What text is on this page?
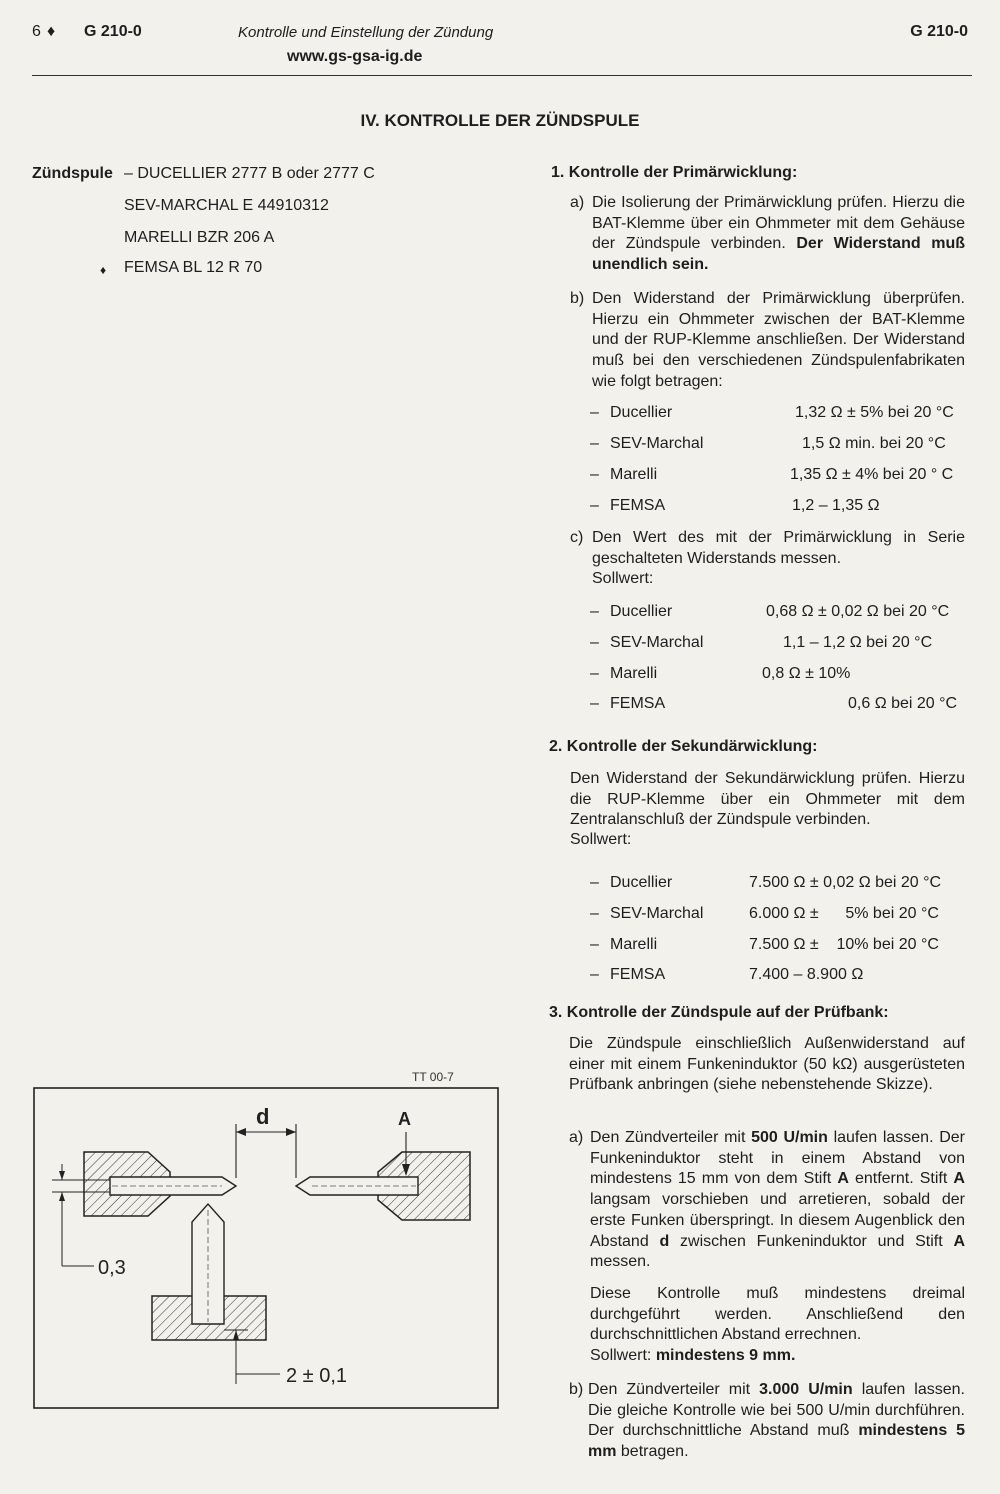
6 ♦ G 210-0	Kontrolle und Einstellung der Zündung	G 210-0
www.gs-gsa-ig.de
IV. KONTROLLE DER ZÜNDSPULE
Zündspule – DUCELLIER 2777 B oder 2777 C
SEV-MARCHAL E 44910312
MARELLI BZR 206 A
♦ FEMSA BL 12 R 70
1. Kontrolle der Primärwicklung:
a) Die Isolierung der Primärwicklung prüfen. Hierzu die BAT-Klemme über ein Ohmmeter mit dem Gehäuse der Zündspule verbinden. Der Widerstand muß unendlich sein.
b) Den Widerstand der Primärwicklung überprüfen. Hierzu ein Ohmmeter zwischen der BAT-Klemme und der RUP-Klemme anschließen. Der Widerstand muß bei den verschiedenen Zündspulenfabrikaten wie folgt betragen:
– Ducellier	1,32 Ω ± 5% bei 20 °C
– SEV-Marchal	1,5 Ω min. bei 20 °C
– Marelli	1,35 Ω ± 4% bei 20 ° C
– FEMSA	1,2 – 1,35 Ω
c) Den Wert des mit der Primärwicklung in Serie geschalteten Widerstands messen.
Sollwert:
– Ducellier	0,68 Ω ± 0,02 Ω bei 20 °C
– SEV-Marchal	1,1 – 1,2 Ω bei 20 °C
– Marelli	0,8 Ω ± 10%
– FEMSA	0,6 Ω bei 20 °C
2. Kontrolle der Sekundärwicklung:
Den Widerstand der Sekundärwicklung prüfen. Hierzu die RUP-Klemme über ein Ohmmeter mit dem Zentralanschluß der Zündspule verbinden.
Sollwert:
– Ducellier	7.500 Ω ± 0,02 Ω bei 20 °C
– SEV-Marchal	6.000 Ω ±      5% bei 20 °C
– Marelli	7.500 Ω ±    10% bei 20 °C
– FEMSA	7.400 – 8.900 Ω
3. Kontrolle der Zündspule auf der Prüfbank:
Die Zündspule einschließlich Außenwiderstand auf einer mit einem Funkeninduktor (50 kΩ) ausgerüsteten Prüfbank anbringen (siehe nebenstehende Skizze).
a) Den Zündverteiler mit 500 U/min laufen lassen. Der Funkeninduktor steht in einem Abstand von mindestens 15 mm von dem Stift A entfernt. Stift A langsam vorschieben und arretieren, sobald der erste Funken überspringt. In diesem Augenblick den Abstand d zwischen Funkeninduktor und Stift A messen.
Diese Kontrolle muß mindestens dreimal durchgeführt werden. Anschließend den durchschnittlichen Abstand errechnen.
Sollwert: mindestens 9 mm.
b) Den Zündverteiler mit 3.000 U/min laufen lassen. Die gleiche Kontrolle wie bei 500 U/min durchführen. Der durchschnittliche Abstand muß mindestens 5 mm betragen.
TT 00-7
d	A
0,3
2 ± 0,1
